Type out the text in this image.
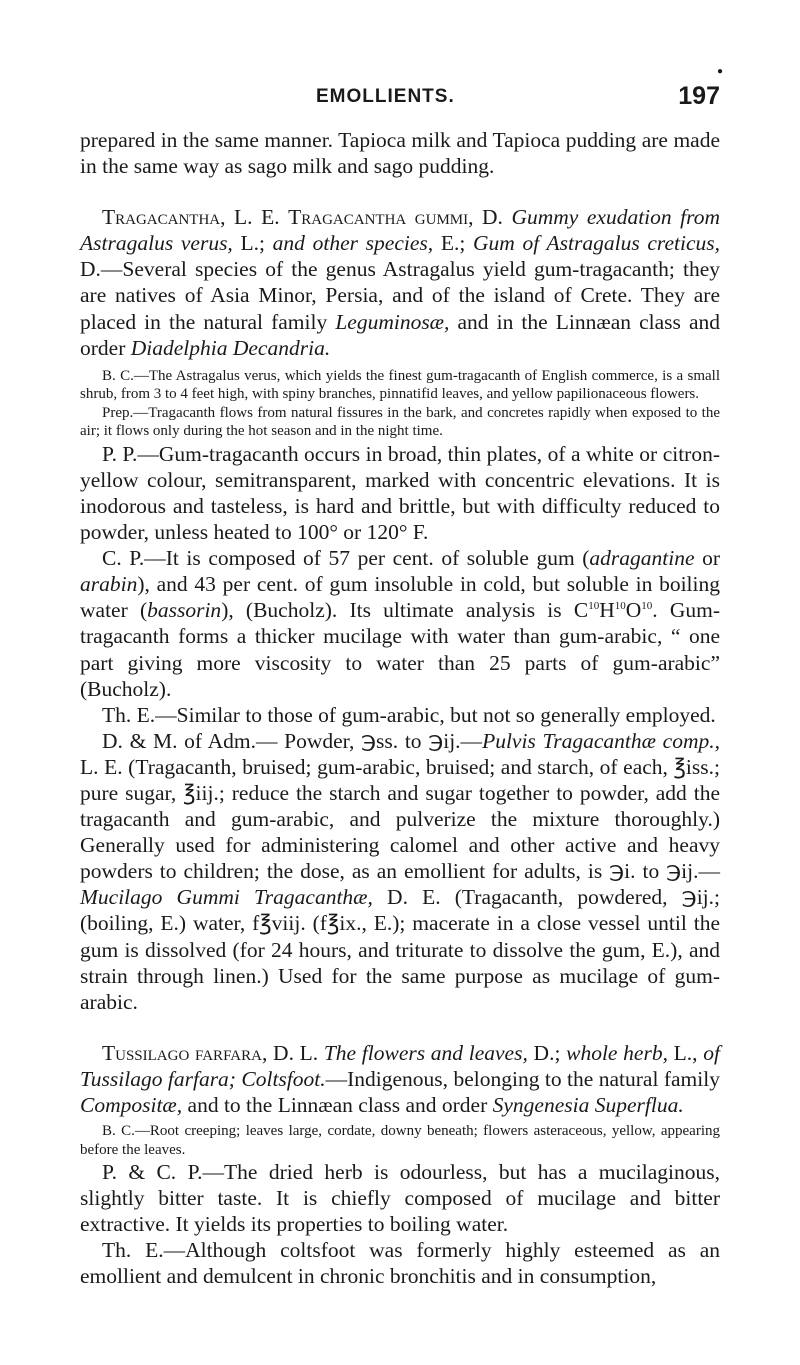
●
EMOLLIENTS.	197

prepared in the same manner. Tapioca milk and Tapioca pudding are made in the same way as sago milk and sago pudding.

Tragacantha, L. E. Tragacantha gummi, D. Gummy exudation from Astragalus verus, L.; and other species, E.; Gum of Astragalus creticus, D.—Several species of the genus Astragalus yield gum-tragacanth; they are natives of Asia Minor, Persia, and of the island of Crete. They are placed in the natural family Leguminosæ, and in the Linnæan class and order Diadelphia Decandria.

B. C.—The Astragalus verus, which yields the finest gum-tragacanth of English commerce, is a small shrub, from 3 to 4 feet high, with spiny branches, pinnatifid leaves, and yellow papilionaceous flowers.

Prep.—Tragacanth flows from natural fissures in the bark, and concretes rapidly when exposed to the air; it flows only during the hot season and in the night time.

P. P.—Gum-tragacanth occurs in broad, thin plates, of a white or citron-yellow colour, semitransparent, marked with concentric elevations. It is inodorous and tasteless, is hard and brittle, but with difficulty reduced to powder, unless heated to 100° or 120° F.

C. P.—It is composed of 57 per cent. of soluble gum (adragantine or arabin), and 43 per cent. of gum insoluble in cold, but soluble in boiling water (bassorin), (Bucholz). Its ultimate analysis is $C^{10}H^{10}O^{10}$. Gum-tragacanth forms a thicker mucilage with water than gum-arabic, “ one part giving more viscosity to water than 25 parts of gum-arabic” (Bucholz).

Th. E.—Similar to those of gum-arabic, but not so generally employed.

D. & M. of Adm.— Powder, ℈ss. to ℈ij.—Pulvis Tragacanthæ comp., L. E. (Tragacanth, bruised; gum-arabic, bruised; and starch, of each, ℥iss.; pure sugar, ℥iij.; reduce the starch and sugar together to powder, add the tragacanth and gum-arabic, and pulverize the mixture thoroughly.) Generally used for administering calomel and other active and heavy powders to children; the dose, as an emollient for adults, is ℈i. to ℈ij.—Mucilago Gummi Tragacanthæ, D. E. (Tragacanth, powdered, ℈ij.; (boiling, E.) water, f℥viij. (f℥ix., E.); macerate in a close vessel until the gum is dissolved (for 24 hours, and triturate to dissolve the gum, E.), and strain through linen.) Used for the same purpose as mucilage of gum-arabic.

Tussilago farfara, D. L. The flowers and leaves, D.; whole herb, L., of Tussilago farfara; Coltsfoot.—Indigenous, belonging to the natural family Compositæ, and to the Linnæan class and order Syngenesia Superflua.

B. C.—Root creeping; leaves large, cordate, downy beneath; flowers asteraceous, yellow, appearing before the leaves.

P. & C. P.—The dried herb is odourless, but has a mucilaginous, slightly bitter taste. It is chiefly composed of mucilage and bitter extractive. It yields its properties to boiling water.

Th. E.—Although coltsfoot was formerly highly esteemed as an emollient and demulcent in chronic bronchitis and in consumption,
